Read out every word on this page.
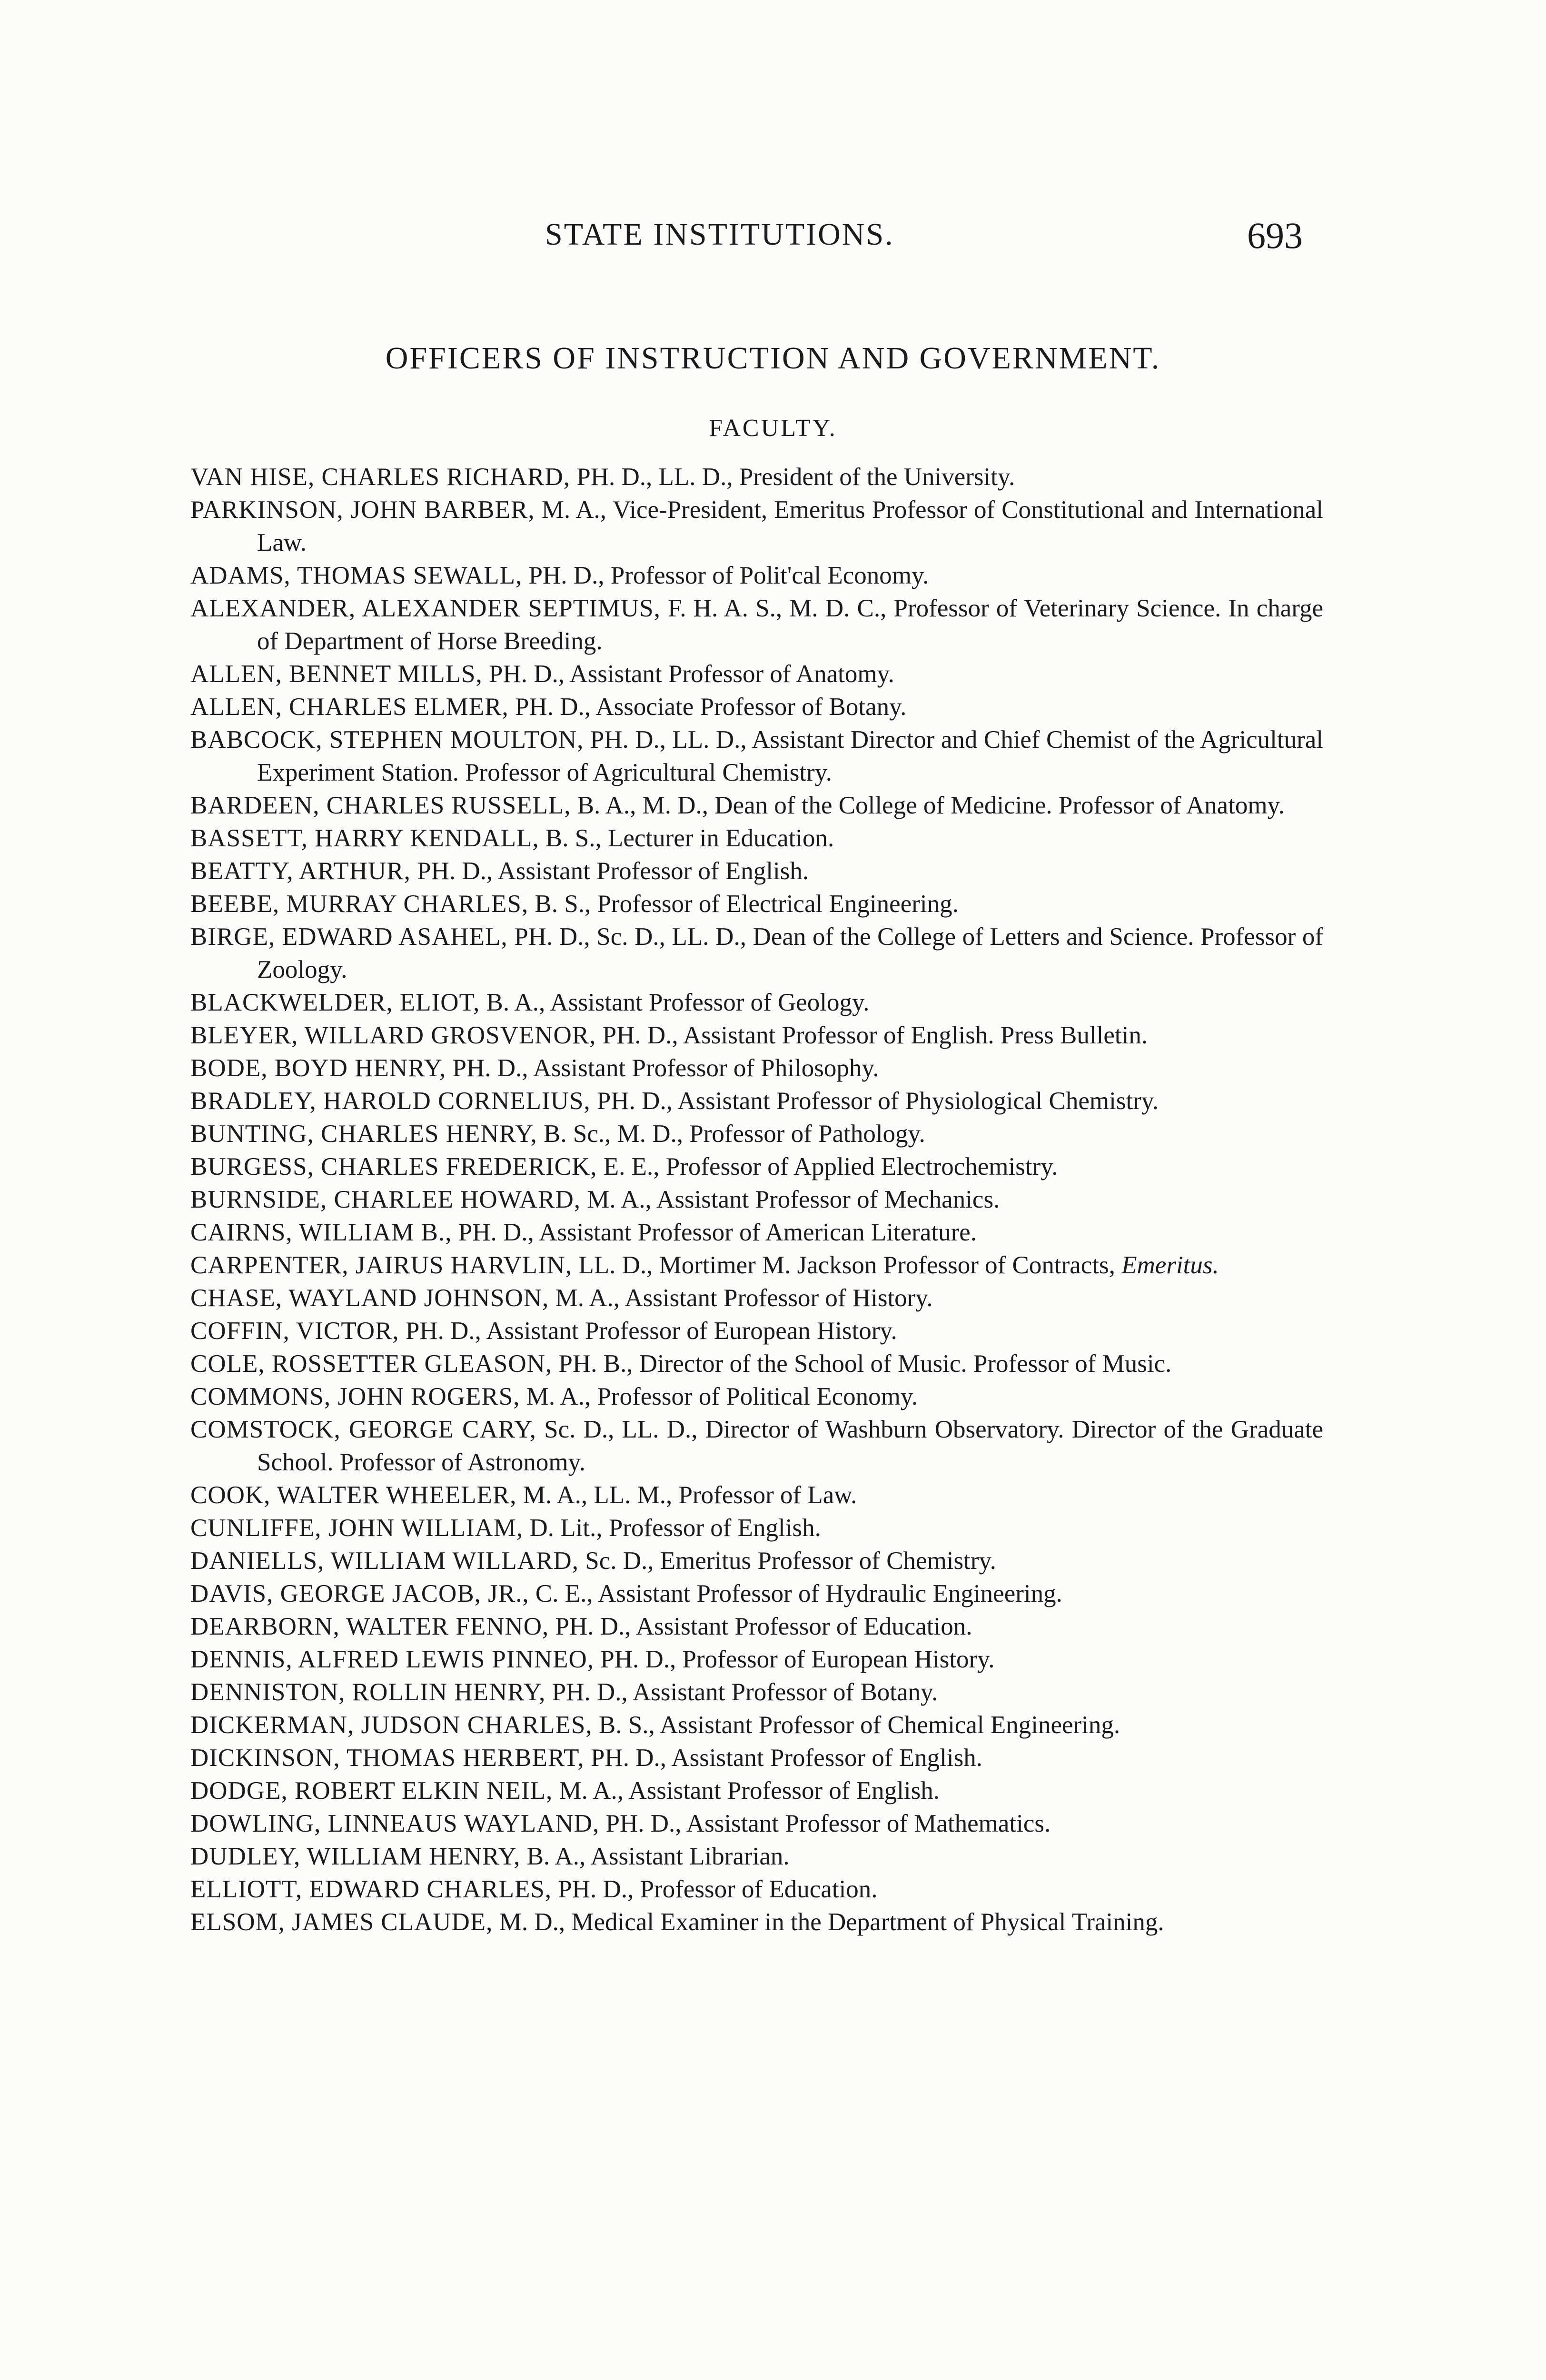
STATE INSTITUTIONS.	693
OFFICERS OF INSTRUCTION AND GOVERNMENT.
FACULTY.
VAN HISE, CHARLES RICHARD, PH. D., LL. D., President of the University.
PARKINSON, JOHN BARBER, M. A., Vice-President, Emeritus Professor of Constitutional and International Law.
ADAMS, THOMAS SEWALL, PH. D., Professor of Polit'cal Economy.
ALEXANDER, ALEXANDER SEPTIMUS, F. H. A. S., M. D. C., Professor of Veterinary Science. In charge of Department of Horse Breeding.
ALLEN, BENNET MILLS, PH. D., Assistant Professor of Anatomy.
ALLEN, CHARLES ELMER, PH. D., Associate Professor of Botany.
BABCOCK, STEPHEN MOULTON, PH. D., LL. D., Assistant Director and Chief Chemist of the Agricultural Experiment Station. Professor of Agricultural Chemistry.
BARDEEN, CHARLES RUSSELL, B. A., M. D., Dean of the College of Medicine. Professor of Anatomy.
BASSETT, HARRY KENDALL, B. S., Lecturer in Education.
BEATTY, ARTHUR, PH. D., Assistant Professor of English.
BEEBE, MURRAY CHARLES, B. S., Professor of Electrical Engineering.
BIRGE, EDWARD ASAHEL, PH. D., Sc. D., LL. D., Dean of the College of Letters and Science. Professor of Zoology.
BLACKWELDER, ELIOT, B. A., Assistant Professor of Geology.
BLEYER, WILLARD GROSVENOR, PH. D., Assistant Professor of English. Press Bulletin.
BODE, BOYD HENRY, PH. D., Assistant Professor of Philosophy.
BRADLEY, HAROLD CORNELIUS, PH. D., Assistant Professor of Physiological Chemistry.
BUNTING, CHARLES HENRY, B. Sc., M. D., Professor of Pathology.
BURGESS, CHARLES FREDERICK, E. E., Professor of Applied Electrochemistry.
BURNSIDE, CHARLEE HOWARD, M. A., Assistant Professor of Mechanics.
CAIRNS, WILLIAM B., PH. D., Assistant Professor of American Literature.
CARPENTER, JAIRUS HARVLIN, LL. D., Mortimer M. Jackson Professor of Contracts, Emeritus.
CHASE, WAYLAND JOHNSON, M. A., Assistant Professor of History.
COFFIN, VICTOR, PH. D., Assistant Professor of European History.
COLE, ROSSETTER GLEASON, PH. B., Director of the School of Music. Professor of Music.
COMMONS, JOHN ROGERS, M. A., Professor of Political Economy.
COMSTOCK, GEORGE CARY, Sc. D., LL. D., Director of Washburn Observatory. Director of the Graduate School. Professor of Astronomy.
COOK, WALTER WHEELER, M. A., LL. M., Professor of Law.
CUNLIFFE, JOHN WILLIAM, D. Lit., Professor of English.
DANIELLS, WILLIAM WILLARD, Sc. D., Emeritus Professor of Chemistry.
DAVIS, GEORGE JACOB, JR., C. E., Assistant Professor of Hydraulic Engineering.
DEARBORN, WALTER FENNO, PH. D., Assistant Professor of Education.
DENNIS, ALFRED LEWIS PINNEO, PH. D., Professor of European History.
DENNISTON, ROLLIN HENRY, PH. D., Assistant Professor of Botany.
DICKERMAN, JUDSON CHARLES, B. S., Assistant Professor of Chemical Engineering.
DICKINSON, THOMAS HERBERT, PH. D., Assistant Professor of English.
DODGE, ROBERT ELKIN NEIL, M. A., Assistant Professor of English.
DOWLING, LINNEAUS WAYLAND, PH. D., Assistant Professor of Mathematics.
DUDLEY, WILLIAM HENRY, B. A., Assistant Librarian.
ELLIOTT, EDWARD CHARLES, PH. D., Professor of Education.
ELSOM, JAMES CLAUDE, M. D., Medical Examiner in the Department of Physical Training.
